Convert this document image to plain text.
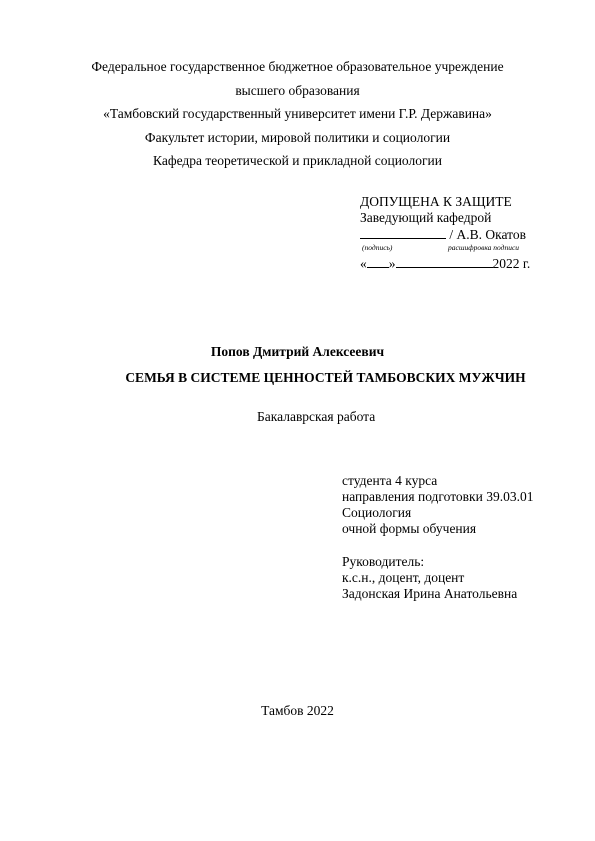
Федеральное государственное бюджетное образовательное учреждение
высшего образования
«Тамбовский государственный университет имени Г.Р. Державина»
Факультет истории, мировой политики и социологии
Кафедра теоретической и прикладной социологии
ДОПУЩЕНА К ЗАЩИТЕ
Заведующий кафедрой
/ А.В. Окатов
(подпись)	расшифровка подписи
« »	2022 г.
Попов Дмитрий Алексеевич
СЕМЬЯ В СИСТЕМЕ ЦЕННОСТЕЙ ТАМБОВСКИХ МУЖЧИН
Бакалаврская работа
студента 4 курса
направления подготовки 39.03.01
Социология
очной формы обучения
Руководитель:
к.с.н., доцент, доцент
Задонская Ирина Анатольевна
Тамбов 2022
